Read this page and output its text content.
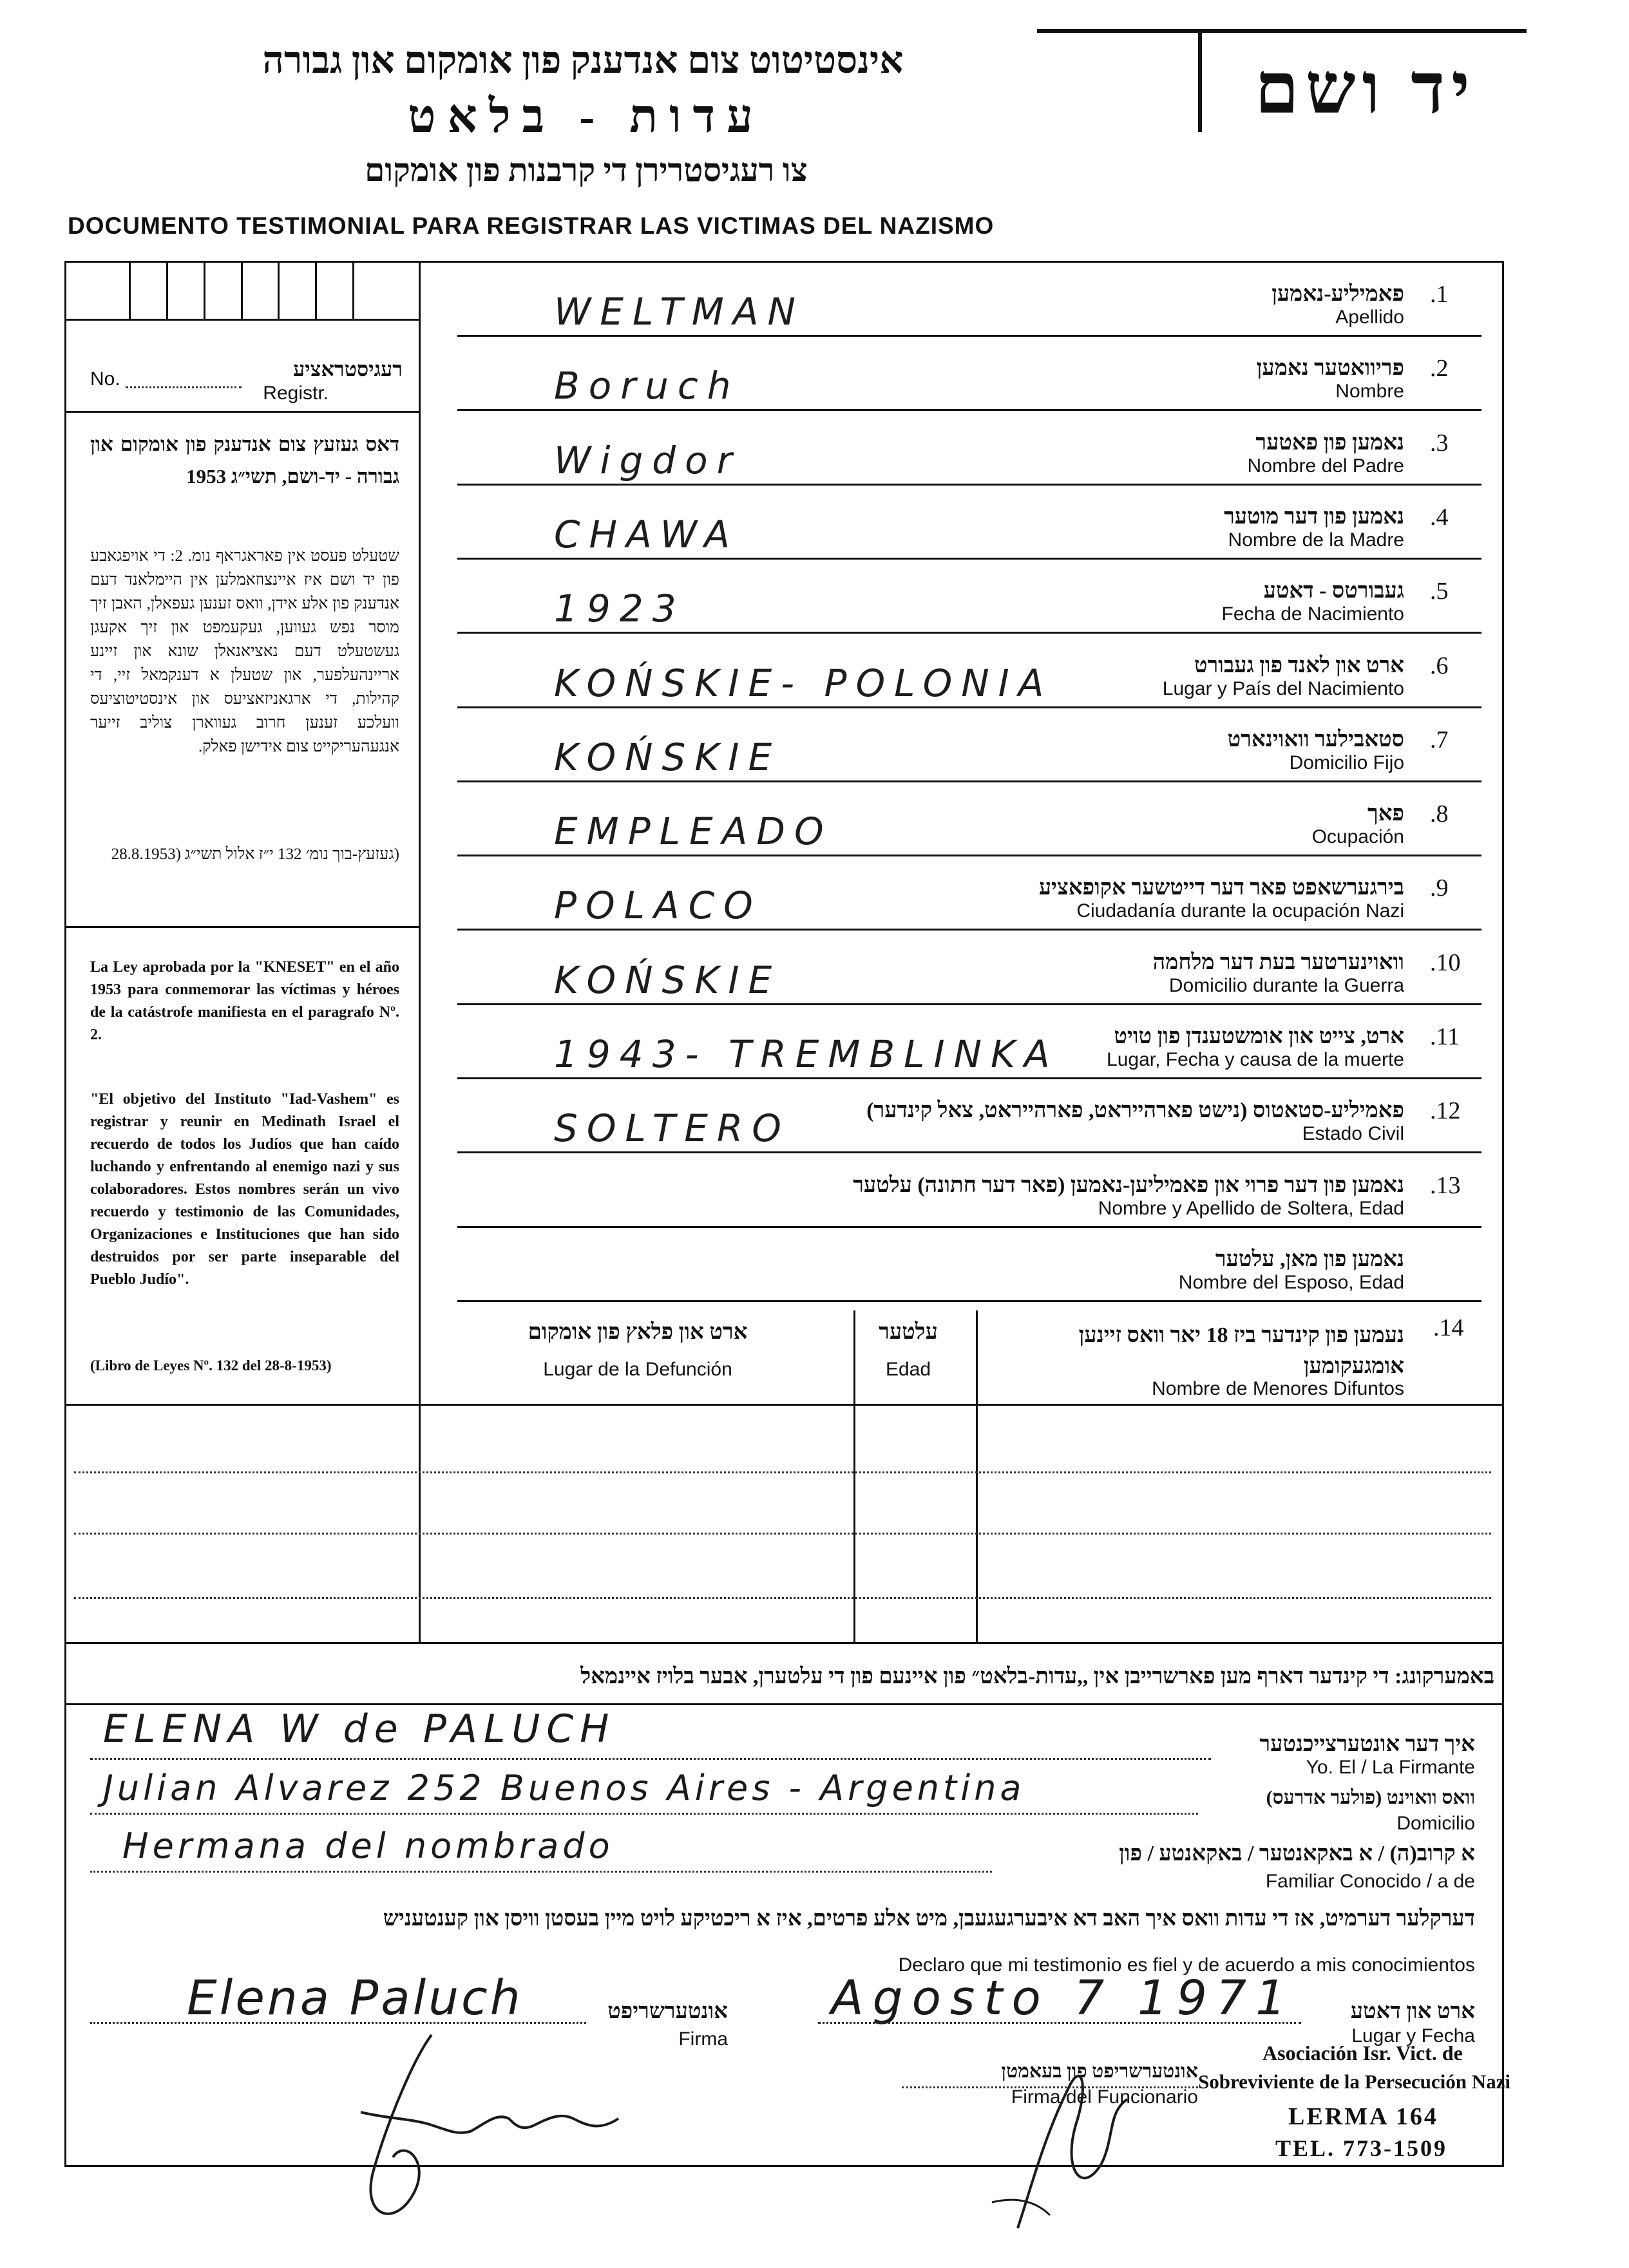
אינסטיטוט צום אנדענק פון אומקום און גבורה
עדות - בלאט
צו רעגיסטרירן די קרבנות פון אומקום
DOCUMENTO TESTIMONIAL PARA REGISTRAR LAS VICTIMAS DEL NAZISMO
יד ושם
No.	רעגיסטראציע
Registr.
דאס געזעץ צום אנדענק פון אומקום און גבורה - יד-ושם, תשי״ג 1953
שטעלט פעסט אין פאראגראף נומ. 2: די אויפגאבע פון יד ושם איז איינצוזאמלען אין היימלאנד דעם אנדענק פון אלע אידן, וואס זענען געפאלן, האבן זיך מוסר נפש געווען, געקעמפט און זיך אקעגן געשטעלט דעם נאציאנאלן שונא און זיינע אריינהעלפער, און שטעלן א דענקמאל זיי, די קהילות, די ארגאניזאציעס און אינסטיטוציעס וועלכע זענען חרוב געווארן צוליב זייער אנגעהעריקייט צום אידישן פאלק.
(געזעץ-בוך נומ׳ 132 י״ז אלול תשי״ג (28.8.1953
La Ley aprobada por la "KNESET" en el año 1953 para conmemorar las víctimas y héroes de la catástrofe manifiesta en el paragrafo Nº. 2.
"El objetivo del Instituto "Iad-Vashem" es registrar y reunir en Medinath Israel el recuerdo de todos los Judíos que han caído luchando y enfrentando al enemigo nazi y sus colaboradores. Estos nombres serán un vivo recuerdo y testimonio de las Comunidades, Organizaciones e Instituciones que han sido destruidos por ser parte inseparable del Pueblo Judío".
(Libro de Leyes Nº. 132 del 28-8-1953)
.1
פאמיליע-נאמען
Apellido
WELTMAN
.2
פריוואטער נאמען
Nombre
Boruch
.3
נאמען פון פאטער
Nombre del Padre
Wigdor
.4
נאמען פון דער מוטער
Nombre de la Madre
CHAWA
.5
געבורטס - דאטע
Fecha de Nacimiento
1923
.6
ארט און לאנד פון געבורט
Lugar y País del Nacimiento
KOŃSKIE- POLONIA
.7
סטאבילער וואוינארט
Domicilio Fijo
KOŃSKIE
.8
פאך
Ocupación
EMPLEADO
.9
בירגערשאפט פאר דער דייטשער אקופאציע
Ciudadanía durante la ocupación Nazi
POLACO
.10
וואוינערטער בעת דער מלחמה
Domicilio durante la Guerra
KOŃSKIE
.11
ארט, צייט און אומשטענדן פון טויט
Lugar, Fecha y causa de la muerte
1943- TREMBLINKA
.12
פאמיליע-סטאטוס (נישט פארהייראט, פארהייראט, צאל קינדער)
Estado Civil
SOLTERO
.13
נאמען פון דער פרוי און פאמיליען-נאמען (פאר דער חתונה) עלטער
Nombre y Apellido de Soltera, Edad
נאמען פון מאן, עלטער
Nombre del Esposo, Edad
.14
נעמען פון קינדער ביז 18 יאר וואס זיינען אומגעקומען
Nombre de Menores Difuntos
עלטער
Edad
ארט און פלאץ פון אומקום
Lugar de la Defunción
באמערקונג: די קינדער דארף מען פארשרייבן אין ,,עדות-בלאט״ פון איינעם פון די עלטערן, אבער בלויז איינמאל
ELENA W de PALUCH	איך דער אונטערצייכנטער
Yo. El / La Firmante
Julian Alvarez 252 Buenos Aires - Argentina	וואס וואוינט (פולער אדרעס)
Domicilio
Hermana del nombrado	א קרוב(ה) / א באקאנטער / באקאנטע / פון
Familiar Conocido / a de
דערקלער דערמיט, אז די עדות וואס איך האב דא איבערגעגעבן, מיט אלע פרטים, איז א ריכטיקע לויט מיין בעסטן וויסן און קענטעניש
Declaro que mi testimonio es fiel y de acuerdo a mis conocimientos
Elena Paluch	אונטערשריפט
Firma
Agosto 7 1971	ארט און דאטע
Lugar y Fecha
אונטערשריפט פון בעאמטן
Firma del Funcionario
Asociación Isr. Vict. de
Sobreviviente de la Persecución Nazi
LERMA 164
TEL. 773-1509
